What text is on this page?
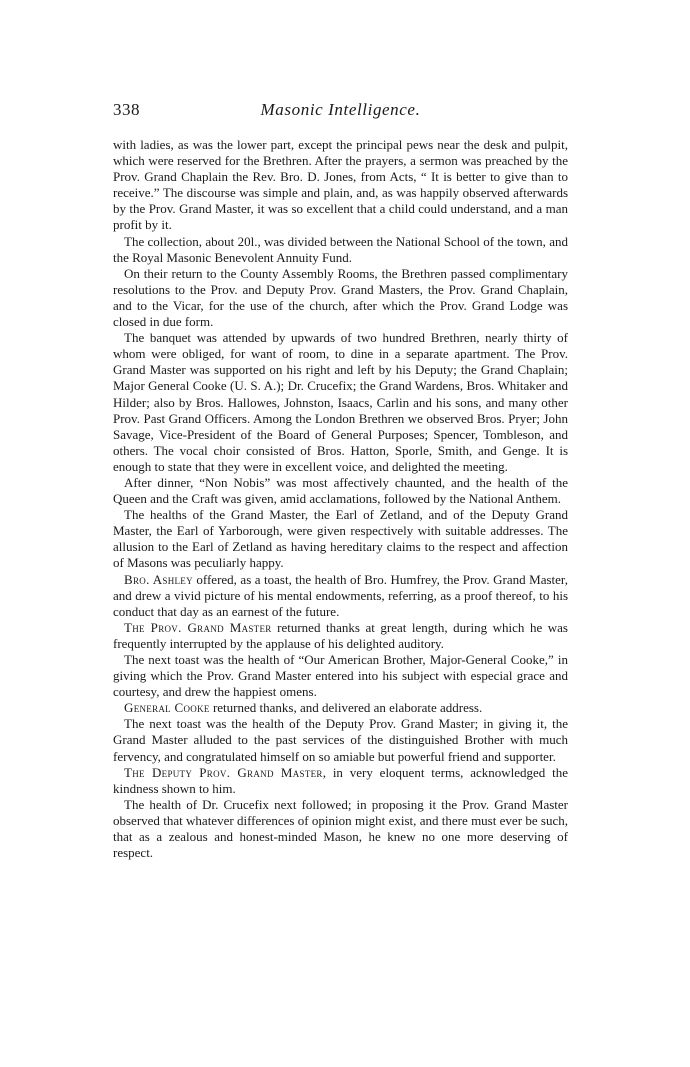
338	Masonic Intelligence.

with ladies, as was the lower part, except the principal pews near the desk and pulpit, which were reserved for the Brethren. After the prayers, a sermon was preached by the Prov. Grand Chaplain the Rev. Bro. D. Jones, from Acts, “ It is better to give than to receive.” The discourse was simple and plain, and, as was happily observed afterwards by the Prov. Grand Master, it was so excellent that a child could understand, and a man profit by it.

The collection, about 20l., was divided between the National School of the town, and the Royal Masonic Benevolent Annuity Fund.

On their return to the County Assembly Rooms, the Brethren passed complimentary resolutions to the Prov. and Deputy Prov. Grand Masters, the Prov. Grand Chaplain, and to the Vicar, for the use of the church, after which the Prov. Grand Lodge was closed in due form.

The banquet was attended by upwards of two hundred Brethren, nearly thirty of whom were obliged, for want of room, to dine in a separate apartment. The Prov. Grand Master was supported on his right and left by his Deputy; the Grand Chaplain; Major General Cooke (U. S. A.); Dr. Crucefix; the Grand Wardens, Bros. Whitaker and Hilder; also by Bros. Hallowes, Johnston, Isaacs, Carlin and his sons, and many other Prov. Past Grand Officers. Among the London Brethren we observed Bros. Pryer; John Savage, Vice-President of the Board of General Purposes; Spencer, Tombleson, and others. The vocal choir consisted of Bros. Hatton, Sporle, Smith, and Genge. It is enough to state that they were in excellent voice, and delighted the meeting.

After dinner, “Non Nobis” was most affectively chaunted, and the health of the Queen and the Craft was given, amid acclamations, followed by the National Anthem.

The healths of the Grand Master, the Earl of Zetland, and of the Deputy Grand Master, the Earl of Yarborough, were given respectively with suitable addresses. The allusion to the Earl of Zetland as having hereditary claims to the respect and affection of Masons was peculiarly happy.

Bro. Ashley offered, as a toast, the health of Bro. Humfrey, the Prov. Grand Master, and drew a vivid picture of his mental endowments, referring, as a proof thereof, to his conduct that day as an earnest of the future.

The Prov. Grand Master returned thanks at great length, during which he was frequently interrupted by the applause of his delighted auditory.

The next toast was the health of “Our American Brother, Major-General Cooke,” in giving which the Prov. Grand Master entered into his subject with especial grace and courtesy, and drew the happiest omens.

General Cooke returned thanks, and delivered an elaborate address.

The next toast was the health of the Deputy Prov. Grand Master; in giving it, the Grand Master alluded to the past services of the distinguished Brother with much fervency, and congratulated himself on so amiable but powerful friend and supporter.

The Deputy Prov. Grand Master, in very eloquent terms, acknowledged the kindness shown to him.

The health of Dr. Crucefix next followed; in proposing it the Prov. Grand Master observed that whatever differences of opinion might exist, and there must ever be such, that as a zealous and honest-minded Mason, he knew no one more deserving of respect.
